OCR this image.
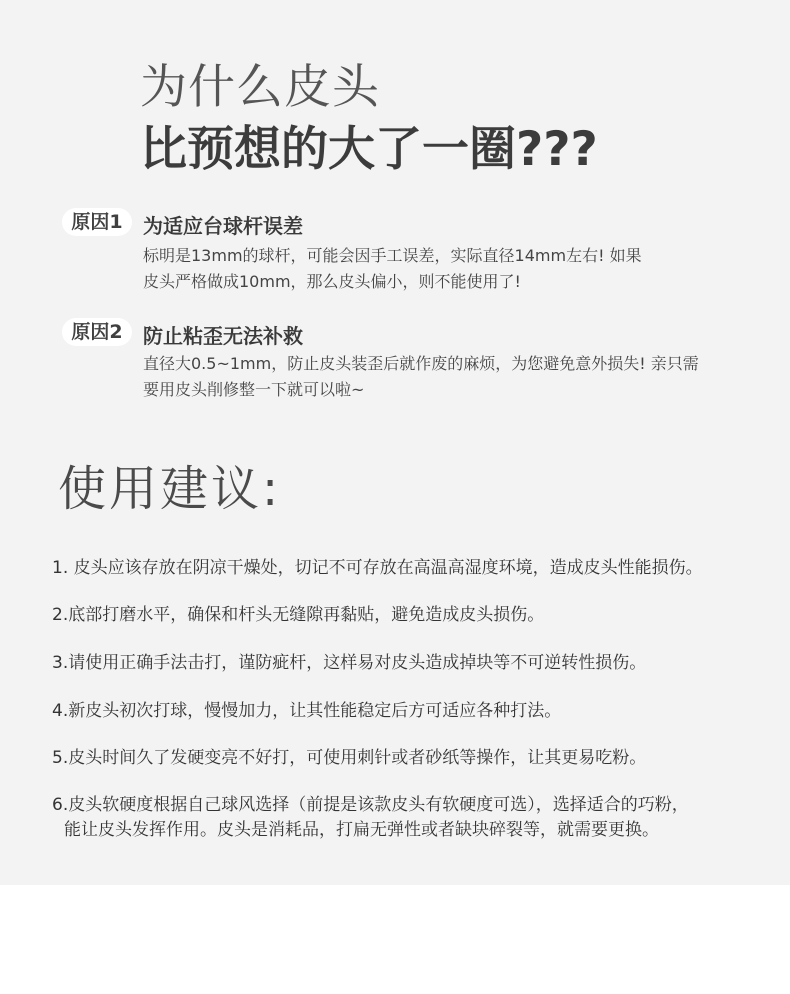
为什么皮头
比预想的大了一圈???
原因1	为适应台球杆误差
标明是13mm的球杆，可能会因手工误差，实际直径14mm左右! 如果
皮头严格做成10mm，那么皮头偏小，则不能使用了!
原因2	防止粘歪无法补救
直径大0.5~1mm，防止皮头装歪后就作废的麻烦，为您避免意外损失! 亲只需
要用皮头削修整一下就可以啦~
使用建议:
1. 皮头应该存放在阴凉干燥处，切记不可存放在高温高湿度环境，造成皮头性能损伤。
2.底部打磨水平，确保和杆头无缝隙再黏贴，避免造成皮头损伤。
3.请使用正确手法击打，谨防疵杆，这样易对皮头造成掉块等不可逆转性损伤。
4.新皮头初次打球，慢慢加力，让其性能稳定后方可适应各种打法。
5.皮头时间久了发硬变亮不好打，可使用刺针或者砂纸等操作，让其更易吃粉。
6.皮头软硬度根据自己球风选择（前提是该款皮头有软硬度可选），选择适合的巧粉，
能让皮头发挥作用。皮头是消耗品，打扁无弹性或者缺块碎裂等，就需要更换。
